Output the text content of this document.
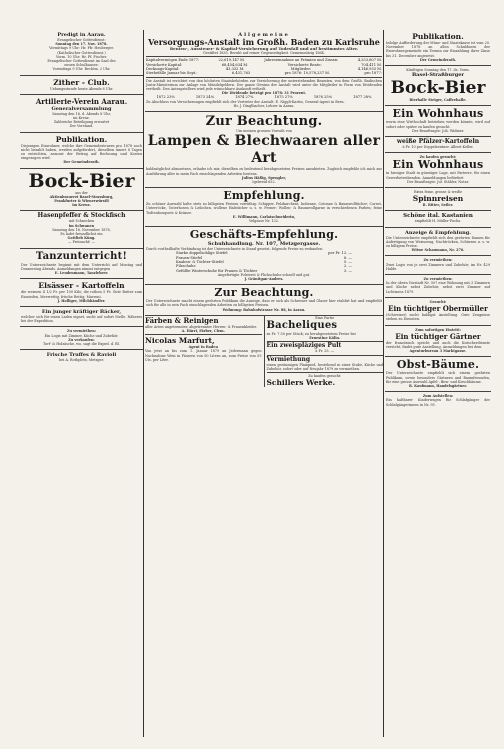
Predigt in Aarau.
Evangelischer Gottesdienst:
Sonntag den 17. Nov. 1878.
Vormittags 9 Uhr: Hr. Pfr. Heuberger.
(Katholischer Gottesdienst.)
Vorm. 10 Uhr: Hr. Pf. Fischer.
Evangelischer Gottesdienst im Saal des
neuen Schulhauses:
Vormittags 9 Uhr: Rechtm. 2 Uhr.
Zither - Club.
Uebungsstunde heute Abends 8 Uhr.
Artillerie-Verein Aarau.
Generalversammlung
Samstag den 16. d. Abends 8 Uhr,
im Kreuz.
Zahlreiche Beteiligung erwartet
Der Vorstand.
Publikation.
Diejenigen Einwohner, welche ihre Gemeindesteuern pro 1878 noch nicht bezahlt haben, werden aufgefordert, dieselben innert 8 Tagen zu entrichten, ansonst der Betrag auf Rechnung und Kosten eingezogen wird.
Der Gemeinderath.
Bock-Bier
aus der
Aktienbrauerei Basel-Strassburg,
Frankfurter & Wienerwürstli
im Kreuz.
Hasenpfeffer & Stockfisch
mit Schnecken
im Schwanen
Samstag den 16. November 1878,
Es ladet freundlichst ein
Gottlieb Küng.
— Freinacht! —
Tanzunterricht!
Der Unterzeichnete beginnt mit dem Unterricht auf Montag und Donnerstag Abends. Anmeldungen nimmt entgegen
E. Lendenmann, Tanzlehrer.
Elsässer - Kartoffeln
die weissen 4 1/2 Fr. per 100 Kilo; die rothen 5 Fr. Gute Butter zum Einsieden, Meerrettig, frische Rettig, Marroni.
J. Holliger, Milchhändler.
Ein junger kräftiger Bäcker,
welcher sich für einen Laden eignet, sucht auf sofort Stelle. Näheres bei der Expedition.
Zu vermiethen:
Ein Logis mit Zimmer, Küche und Zubehör.
Zu verkaufen:
Torf- & Holzäsche, wo, sagt die Exped. d. Bl.
Frische Truffes & Ravioli
bei A. Rothpletz, Metzger.
Allgemeine
Versorgungs-Anstalt im Großh. Baden zu Karlsruhe
Renten-, Aussteuer- & Kapital-Versicherung auf Todesfall und auf bestimmtes Alter.
Gestiftet 1835. Beruht auf reiner Gegenseitigkeit. Gemeinnützig 1864.
Kapitalvermögen Ende 1877:	22,619,147 M.	Jahreseinnahme an Prämien und Zinsen:	4,253,807 M.
Versicherte Kapital:	68,454,634 M.	Versicherte Rente:	704,411 M.
Deckungs-Kapital:	43,332 M.	Mitglieder:	4,146,953 M.
Sterbefälle Januar bis Sept.:	6,431,763	pro 1876: 10,578,237 M.	pro 1877:
Die Anstalt ist errichtet von den höchsten Staatsbehörden zur Versicherung der unterstehenden Beamten, von dem Großh. Badischen Justiz-Ministerium zur Anlage von Mündelgeldern. Der ganze Gewinn der Anstalt wird unter die Mitglieder in Form von Dividenden vertheilt. Den Antragstellern wird jede wünschbare Auskunft ertheilt.
Die Dividende beträgt pro 1878: 31 Prozent.
1872 23%	1873 24%	1874 27%	1875 27%	1876 25%	1877 28%
Zu Abschluss von Versicherungen empfiehlt sich der Vertreter der Anstalt: E. Niggli-Kartin, General-Agent in Bern.
Hr. J. Dinglbacher, Lehrer in Aarau.
Zur Beachtung.
Um meinen grossen Vorrath von
Lampen & Blechwaaren aller Art
baldmöglichst abzusetzen, erlaube ich mir, dieselben zu bedeutend herabgesetzten Preisen anzubieten. Zugleich empfehle ich mich zur Ausführung aller in mein Fach einschlagenden Arbeiten bestens.
Julius Häßig, Spengler,
Igelweid 632.
Empfehlung.
Zu schöner Auswahl halte stets zu billigsten Preisen vorräthig: Schipper, Pelzkarchent, Indienne, Cotonne & Baumwolltücher; Corset, Unterröcke, Unterhosen & Leibchen, wollene Halstücher u. s. w. Ferner: Wollen- & Baumwollgarne in verschiedenen Farben; feine Todtenbouquets & Kränze.
E. Willimann, Carlatschneiderin,
Velgasse Nr. 132.
Geschäfts-Empfehlung.
Schuhhandlung. Nr. 107, Metzgergasse.
Durch vortheilhafte Verbindung ist der Unterzeichnete in Stand gesetzt, folgende Preise zu verkaufen:
Starke doppelsohlige Stiefel	per Fr. 12. —
Frauen-Stiefel	8. —
Knaben- & Töchter-Stiefel	5. —
Filzschuhe	2. —
Gefüllte Winterschuhe für Frauen & Töchter	3. —
Angefertigte Polsterei & Flickschuhe schnell und gut.
J. Gränitgan-Andres.
Zur Beachtung.
Der Unterzeichnete macht einem geehrten Publikum die Anzeige, dass er sich als Schreiner und Glaser hier etablirt hat und empfiehlt sich für alle in sein Fach einschlagenden Arbeiten zu billigsten Preisen.
Wohnung: Bahnhofstrasse Nr. 88, in Aarau.
Färben & Reinigen
aller Arten ungetrennter, abgetrennter Herren- & Frauenkleider.
A. Härri, Färber, Clem.
Nicolas Marfurt,
Agent in Baden
Von jetzt an bis zum 1. Januar 1879 an Jedermann gegen Nachnahme Wein in Fässern von 50 Litern an, zum Preise von 55 Cts. per Liter.
Eine Partie
Bacheliques
zu Fr. 7.50 per Stück; zu herabgesetztem Preise bei
Ernestine Kälin.
Ein zweispläziges Pult
à Fr. 25. —
Vermiethung
einen geräumigen Plainpied, bestehend in einer Stube, Küche und Zubehör, sofort oder auf Neujahr 1879 zu vermiethen.
Zu kaufen gesucht:
Schillers Werke.
Publikation.
Infolge Aufforderung der Münz- und Staatskasse ist vom 20. November 1878 an allen Schuldnern der Einwohnergemeinde ein Termin zur Einzahlung ihrer Zinse bis 31. December angesetzt.
Der Gemeinderath.
Künftigen Sonntag den 17. ds. Vorm.
Basel-Straßburger
Bock-Bier
Bierhalle Steiger, Caffeehalle.
Ein Wohnhaus
worin eine Wirthschaft betrieben werden könnte, wird auf sofort oder später zu kaufen gesucht.
Der Beauftragte: Joh. Widmer.
weiße Pfälzer-Kartoffeln
à Fr. 10 per Doppelzentner. Albert Keller.
Zu kaufen gesucht:
Ein Wohnhaus
in hiesiger Stadt in günstiger Lage, mit Parterre, für einen Gewerbetreibenden. Anmeldungen befördert
Der Beauftragte: Jul. Stähler, Notar.
Extra feine, grosse & weiße
Spinnreisen
R. Ritter, Seiler.
Schöne ital. Kastanien
empfiehlt H. Müller-Fuchs.
Anzeige & Empfehlung.
Die Unterzeichnete empfiehlt sich den geehrten Damen für Anfertigung von Weisszeug, Nachtröcken, Schürzen u. s. w. zu billigem Preise.
Witwe Schaumann, Nr. 276.
Zu vermiethen:
Zwei Logis von je zwei Zimmern und Zubehör; im Nr. 429 Halde.
Zu vermiethen:
In der obern Vorstadt Nr. 507 eine Wohnung mit 3 Zimmern und Küche nebst Zubehör, nebst zwei Zimmer auf Lichtmess 1879.
Gesucht:
Ein tüchtiger Obermüller
(Schweizer) sucht baldigst Anstellung. Gute Zeugnisse stehen zu Diensten.
Zum sofortigen Eintritt:
Ein tüchtiger Gärtner
der französisch spricht und auch die Kutscherdienste versteht, findet gute Anstellung. Anmeldungen bei dem
Agenturbureau 3 Marktgasse.
Obst-Bäume.
Der Unterzeichnete empfiehlt sich einem geehrten Publikum, sowie besonders Gärtnern und Baumfreunden, für eine grosse Auswahl Apfel-, Birn- und Kirschbäume.
R. Kaufmann, Handelsgärtner.
Zum Aufstellen:
Ein haltbarer Kinderwagen für Schlafgänger der Schlafgängerinnen in Nr. 95.
